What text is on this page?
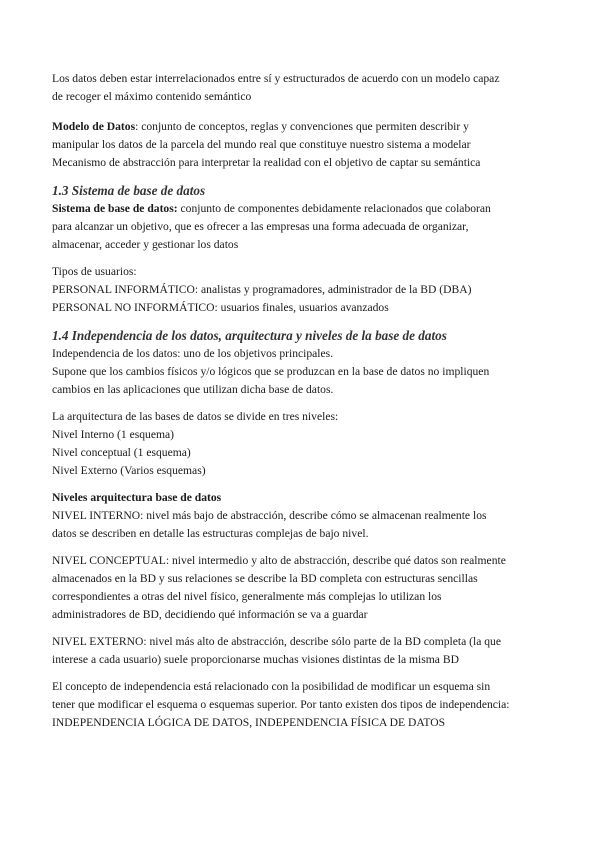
Los datos deben estar interrelacionados entre sí y estructurados de acuerdo con un modelo capaz
de recoger el máximo contenido semántico

Modelo de Datos: conjunto de conceptos, reglas y convenciones que permiten describir y
manipular los datos de la parcela del mundo real que constituye nuestro sistema a modelar
Mecanismo de abstracción para interpretar la realidad con el objetivo de captar su semántica

1.3 Sistema de base de datos

Sistema de base de datos: conjunto de componentes debidamente relacionados que colaboran
para alcanzar un objetivo, que es ofrecer a las empresas una forma adecuada de organizar,
almacenar, acceder y gestionar los datos

Tipos de usuarios:
PERSONAL INFORMÁTICO: analistas y programadores, administrador de la BD (DBA)
PERSONAL NO INFORMÁTICO: usuarios finales, usuarios avanzados

1.4 Independencia de los datos, arquitectura y niveles de la base de datos

Independencia de los datos: uno de los objetivos principales.
Supone que los cambios físicos y/o lógicos que se produzcan en la base de datos no impliquen
cambios en las aplicaciones que utilizan dicha base de datos.

La arquitectura de las bases de datos se divide en tres niveles:
Nivel Interno (1 esquema)
Nivel conceptual (1 esquema)
Nivel Externo (Varios esquemas)

Niveles arquitectura base de datos
NIVEL INTERNO: nivel más bajo de abstracción, describe cómo se almacenan realmente los
datos se describen en detalle las estructuras complejas de bajo nivel.

NIVEL CONCEPTUAL: nivel intermedio y alto de abstracción, describe qué datos son realmente
almacenados en la BD y sus relaciones se describe la BD completa con estructuras sencillas
correspondientes a otras del nivel físico, generalmente más complejas lo utilizan los
administradores de BD, decidiendo qué información se va a guardar

NIVEL EXTERNO: nivel más alto de abstracción, describe sólo parte de la BD completa (la que
interese a cada usuario) suele proporcionarse muchas visiones distintas de la misma BD

El concepto de independencia está relacionado con la posibilidad de modificar un esquema sin
tener que modificar el esquema o esquemas superior. Por tanto existen dos tipos de independencia:
INDEPENDENCIA LÓGICA DE DATOS, INDEPENDENCIA FÍSICA DE DATOS
